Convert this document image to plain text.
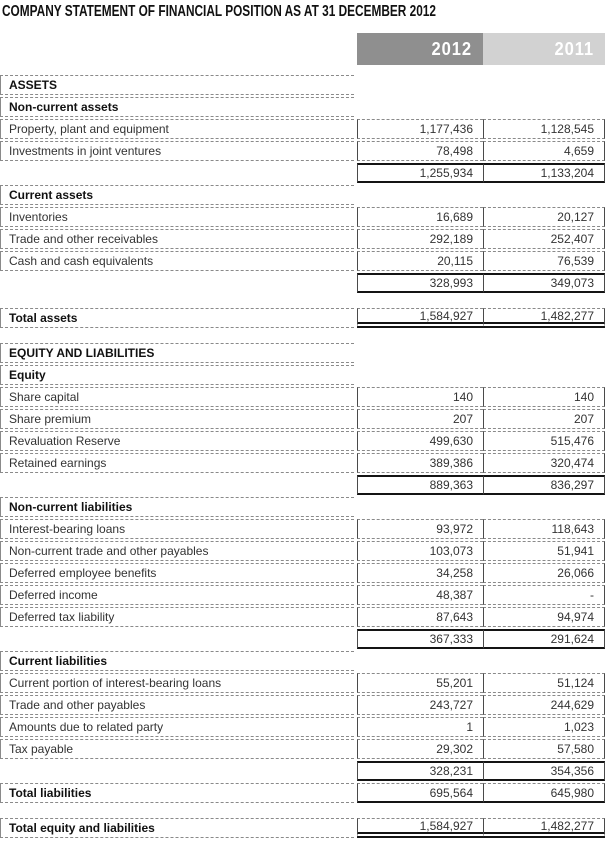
COMPANY STATEMENT OF FINANCIAL POSITION AS AT 31 DECEMBER 2012
2012	2011
ASSETS
Non-current assets
Property, plant and equipment	1,177,436	1,128,545
Investments in joint ventures	78,498	4,659
1,255,934	1,133,204
Current assets
Inventories	16,689	20,127
Trade and other receivables	292,189	252,407
Cash and cash equivalents	20,115	76,539
328,993	349,073
Total assets	1,584,927	1,482,277
EQUITY AND LIABILITIES
Equity
Share capital	140	140
Share premium	207	207
Revaluation Reserve	499,630	515,476
Retained earnings	389,386	320,474
889,363	836,297
Non-current liabilities
Interest-bearing loans	93,972	118,643
Non-current trade and other payables	103,073	51,941
Deferred employee benefits	34,258	26,066
Deferred income	48,387	-
Deferred tax liability	87,643	94,974
367,333	291,624
Current liabilities
Current portion of interest-bearing loans	55,201	51,124
Trade and other payables	243,727	244,629
Amounts due to related party	1	1,023
Tax payable	29,302	57,580
328,231	354,356
Total liabilities	695,564	645,980
Total equity and liabilities	1,584,927	1,482,277
